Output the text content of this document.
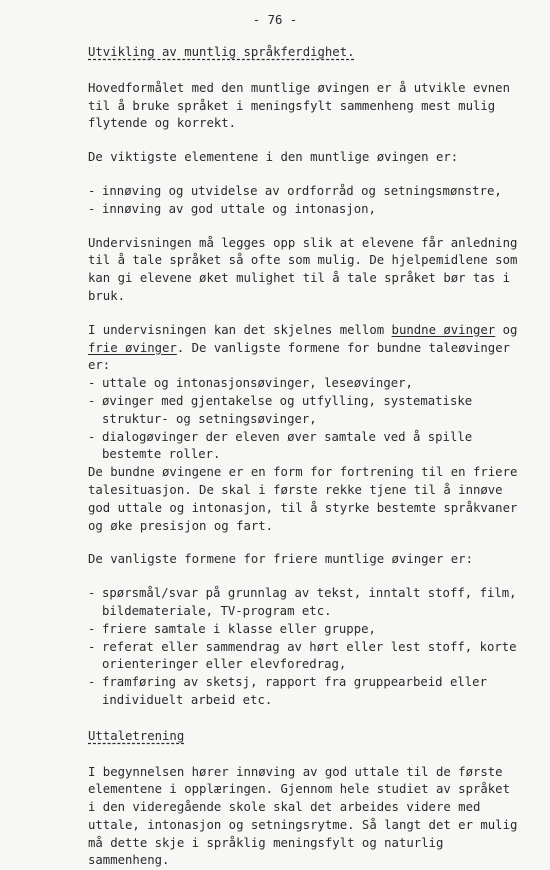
- 76 -
Utvikling av muntlig språkferdighet.

Hovedformålet med den muntlige øvingen er å utvikle evnen til å bruke språket i meningsfylt sammenheng mest mulig flytende og korrekt.

De viktigste elementene i den muntlige øvingen er:

- innøving og utvidelse av ordforråd og setningsmønstre,
- innøving av god uttale og intonasjon,

Undervisningen må legges opp slik at elevene får anledning til å tale språket så ofte som mulig. De hjelpemidlene som kan gi elevene øket mulighet til å tale språket bør tas i bruk.

I undervisningen kan det skjelnes mellom bundne øvinger og frie øvinger. De vanligste formene for bundne taleøvinger er:

- uttale og intonasjonsøvinger, leseøvinger,
- øvinger med gjentakelse og utfylling, systematiske struktur- og setningsøvinger,
- dialogøvinger der eleven øver samtale ved å spille bestemte roller.

De bundne øvingene er en form for fortrening til en friere talesituasjon. De skal i første rekke tjene til å innøve god uttale og intonasjon, til å styrke bestemte språkvaner og øke presisjon og fart.

De vanligste formene for friere muntlige øvinger er:

- spørsmål/svar på grunnlag av tekst, inntalt stoff, film, bildemateriale, TV-program etc.
- friere samtale i klasse eller gruppe,
- referat eller sammendrag av hørt eller lest stoff, korte orienteringer eller elevforedrag,
- framføring av sketsj, rapport fra gruppearbeid eller individuelt arbeid etc.
Uttaletrening

I begynnelsen hører innøving av god uttale til de første elementene i opplæringen. Gjennom hele studiet av språket i den videregående skole skal det arbeides videre med uttale, intonasjon og setningsrytme. Så langt det er mulig må dette skje i språklig meningsfylt og naturlig sammenheng.
